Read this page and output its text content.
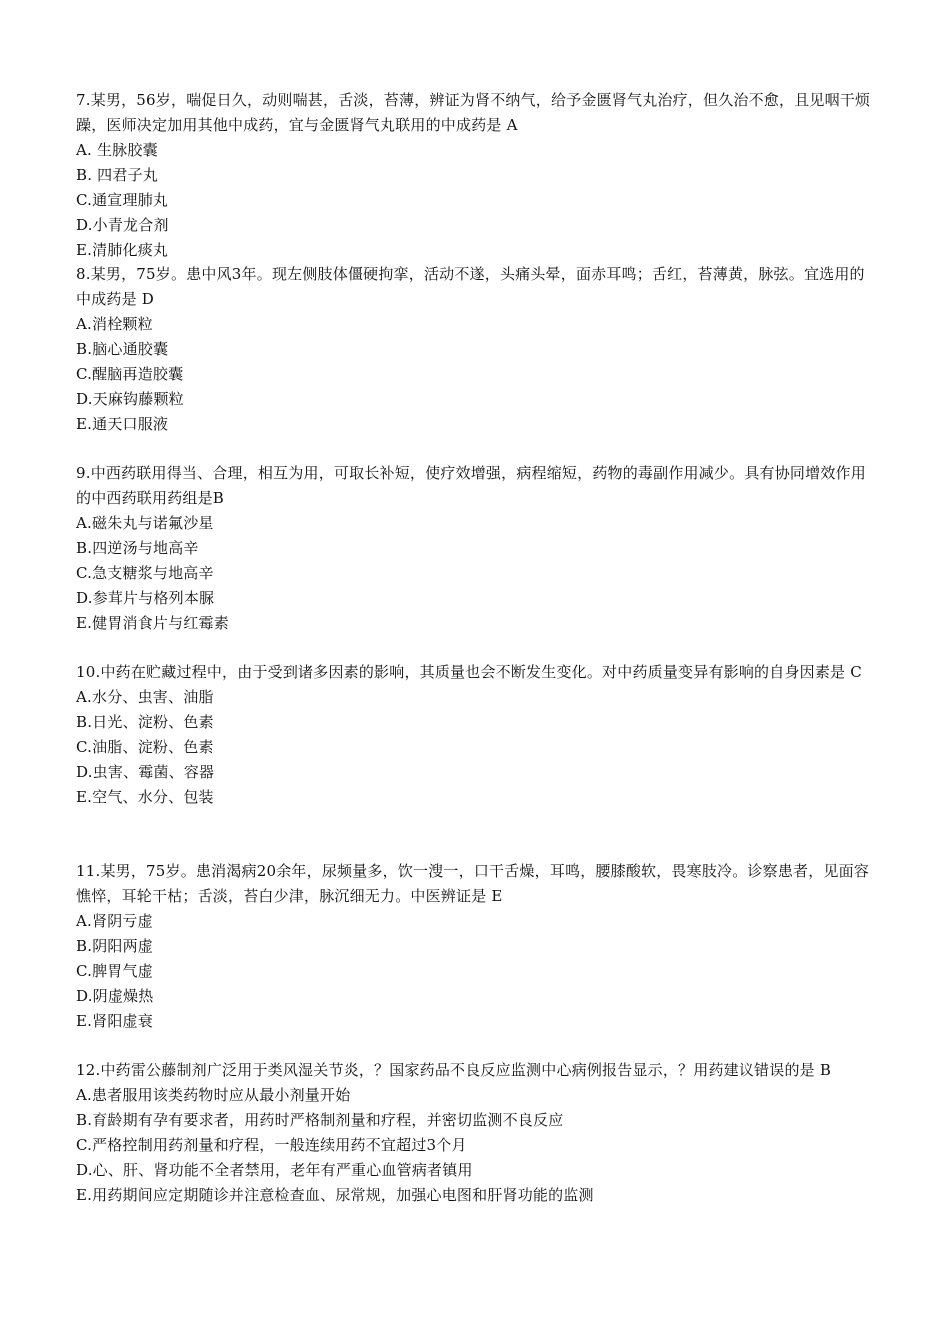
7.某男，56岁，喘促日久，动则喘甚，舌淡，苔薄，辨证为肾不纳气，给予金匮肾气丸治疗，但久治不愈，且见咽干烦躁，医师决定加用其他中成药，宜与金匮肾气丸联用的中成药是 A

A. 生脉胶囊

B. 四君子丸

C.通宣理肺丸

D.小青龙合剂

E.清肺化痰丸

8.某男，75岁。患中风3年。现左侧肢体僵硬拘挛，活动不遂，头痛头晕，面赤耳鸣；舌红，苔薄黄，脉弦。宜选用的中成药是 D

A.消栓颗粒

B.脑心通胶囊

C.醒脑再造胶囊

D.天麻钩藤颗粒

E.通天口服液

9.中西药联用得当、合理，相互为用，可取长补短，使疗效增强，病程缩短，药物的毒副作用减少。具有协同增效作用的中西药联用药组是B

A.磁朱丸与诺氟沙星

B.四逆汤与地高辛

C.急支糖浆与地高辛

D.参茸片与格列本脲

E.健胃消食片与红霉素

10.中药在贮藏过程中，由于受到诸多因素的影响，其质量也会不断发生变化。对中药质量变异有影响的自身因素是 C

A.水分、虫害、油脂

B.日光、淀粉、色素

C.油脂、淀粉、色素

D.虫害、霉菌、容器

E.空气、水分、包装

11.某男，75岁。患消渴病20余年，尿频量多，饮一溲一，口干舌燥，耳鸣，腰膝酸软，畏寒肢冷。诊察患者，见面容憔悴，耳轮干枯；舌淡，苔白少津，脉沉细无力。中医辨证是 E

A.肾阴亏虚

B.阴阳两虚

C.脾胃气虚

D.阴虚燥热

E.肾阳虚衰

12.中药雷公藤制剂广泛用于类风湿关节炎，？国家药品不良反应监测中心病例报告显示，？用药建议错误的是 B

A.患者服用该类药物时应从最小剂量开始

B.育龄期有孕有要求者，用药时严格制剂量和疗程，并密切监测不良反应

C.严格控制用药剂量和疗程，一般连续用药不宜超过3个月

D.心、肝、肾功能不全者禁用，老年有严重心血管病者镇用

E.用药期间应定期随诊并注意检查血、尿常规，加强心电图和肝肾功能的监测
